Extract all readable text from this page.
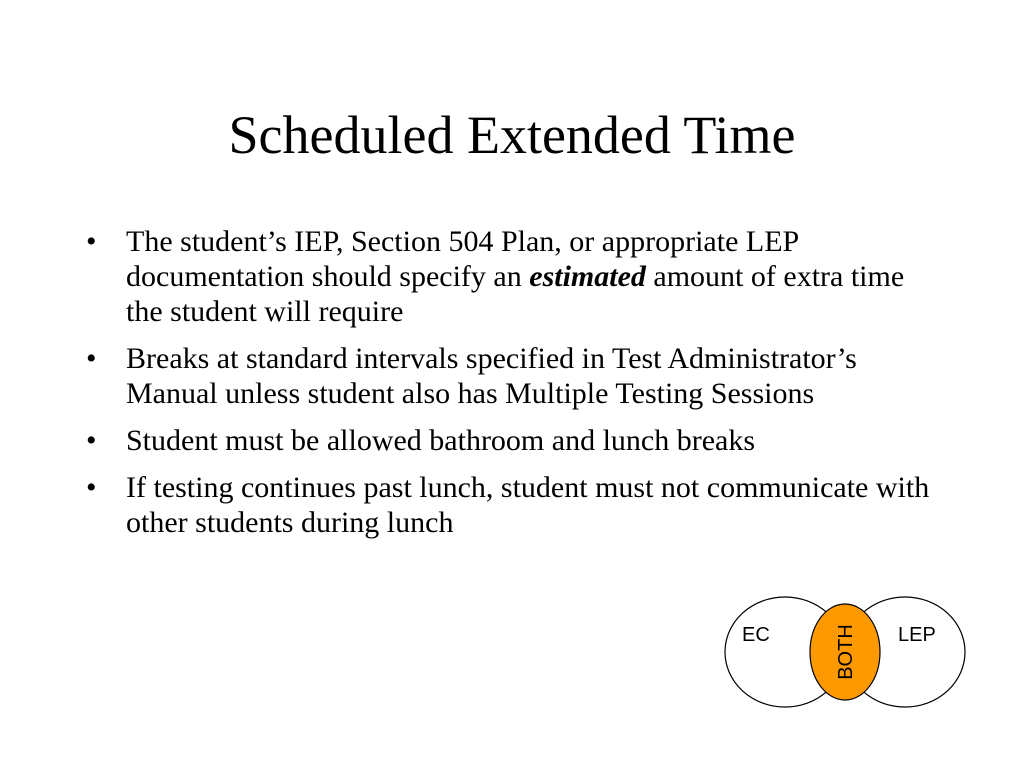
Scheduled Extended Time
• The student’s IEP, Section 504 Plan, or appropriate LEP documentation should specify an estimated amount of extra time the student will require
• Breaks at standard intervals specified in Test Administrator’s Manual unless student also has Multiple Testing Sessions
• Student must be allowed bathroom and lunch breaks
• If testing continues past lunch, student must not communicate with other students during lunch
EC	LEP
BOTH
